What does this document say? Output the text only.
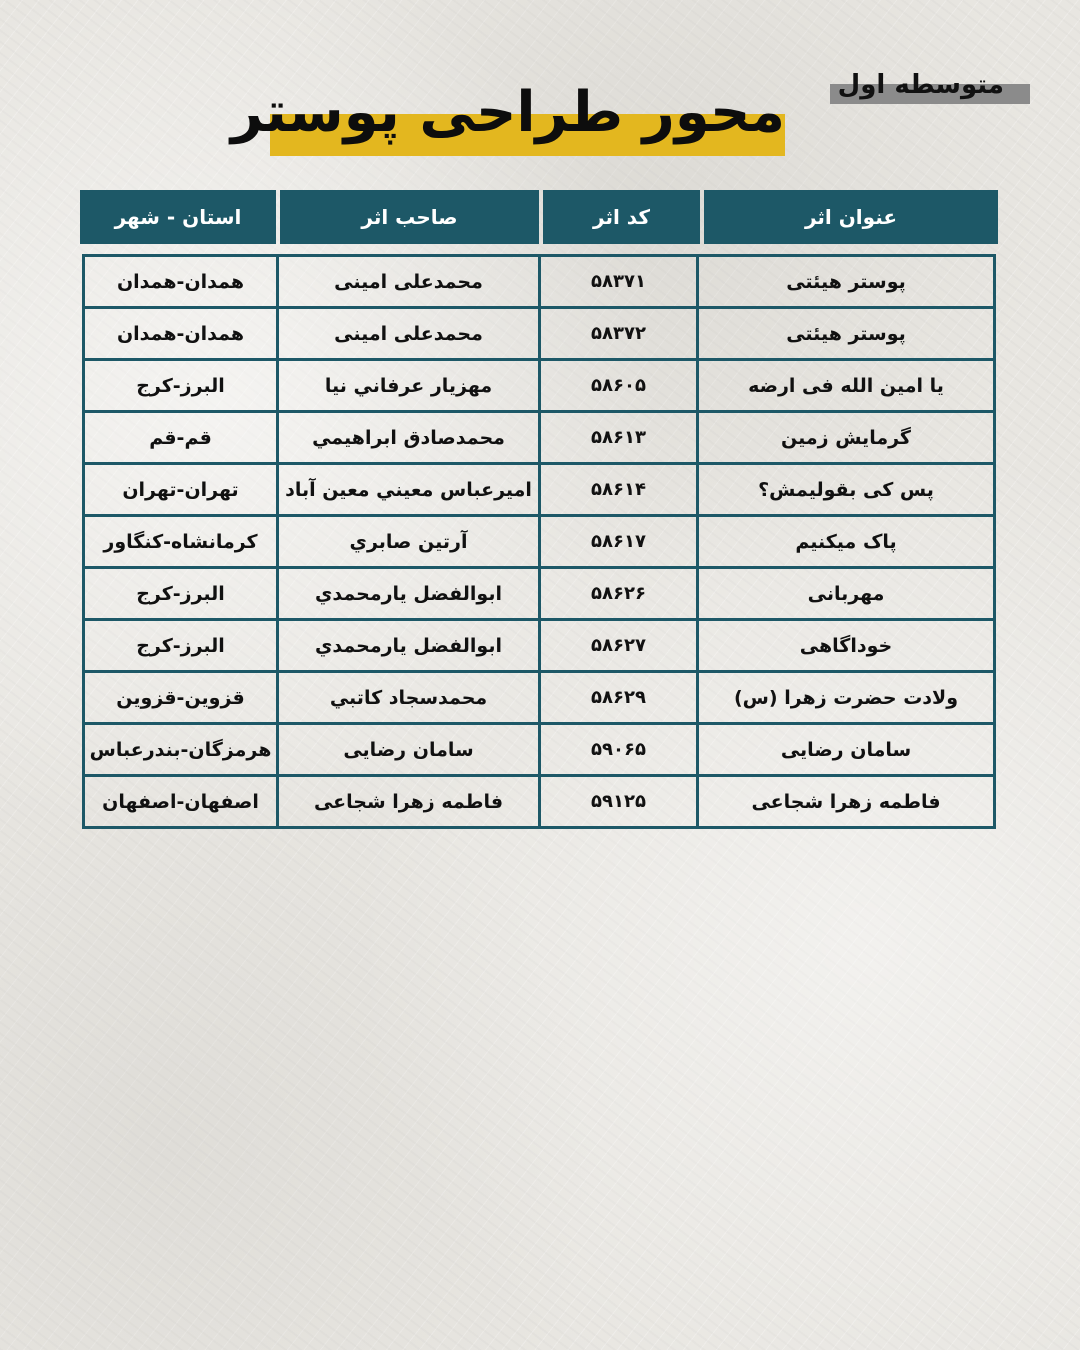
متوسطه اول
محور طراحی پوستر
عنوان اثر
کد اثر
صاحب اثر
استان - شهر
پوستر هیئتی
۵۸۳۷۱
محمدعلی امینی
همدان-همدان
پوستر هیئتی
۵۸۳۷۲
محمدعلی امینی
همدان-همدان
یا امین الله فی ارضه
۵۸۶۰۵
مهزیار عرفاني نیا
البرز-کرج
گرمایش زمین
۵۸۶۱۳
محمدصادق ابراهیمي
قم-قم
پس کی بقولیمش؟
۵۸۶۱۴
امیرعباس معیني معین آباد
تهران-تهران
پاک میکنیم
۵۸۶۱۷
آرتین صابري
کرمانشاه-کنگاور
مهربانی
۵۸۶۲۶
ابوالفضل یارمحمدي
البرز-کرج
خوداگاهی
۵۸۶۲۷
ابوالفضل یارمحمدي
البرز-کرج
ولادت حضرت زهرا (س)
۵۸۶۲۹
محمدسجاد کاتبي
قزوین-قزوین
سامان رضایی
۵۹۰۶۵
سامان رضایی
هرمزگان-بندرعباس
فاطمه زهرا شجاعی
۵۹۱۲۵
فاطمه زهرا شجاعی
اصفهان-اصفهان
